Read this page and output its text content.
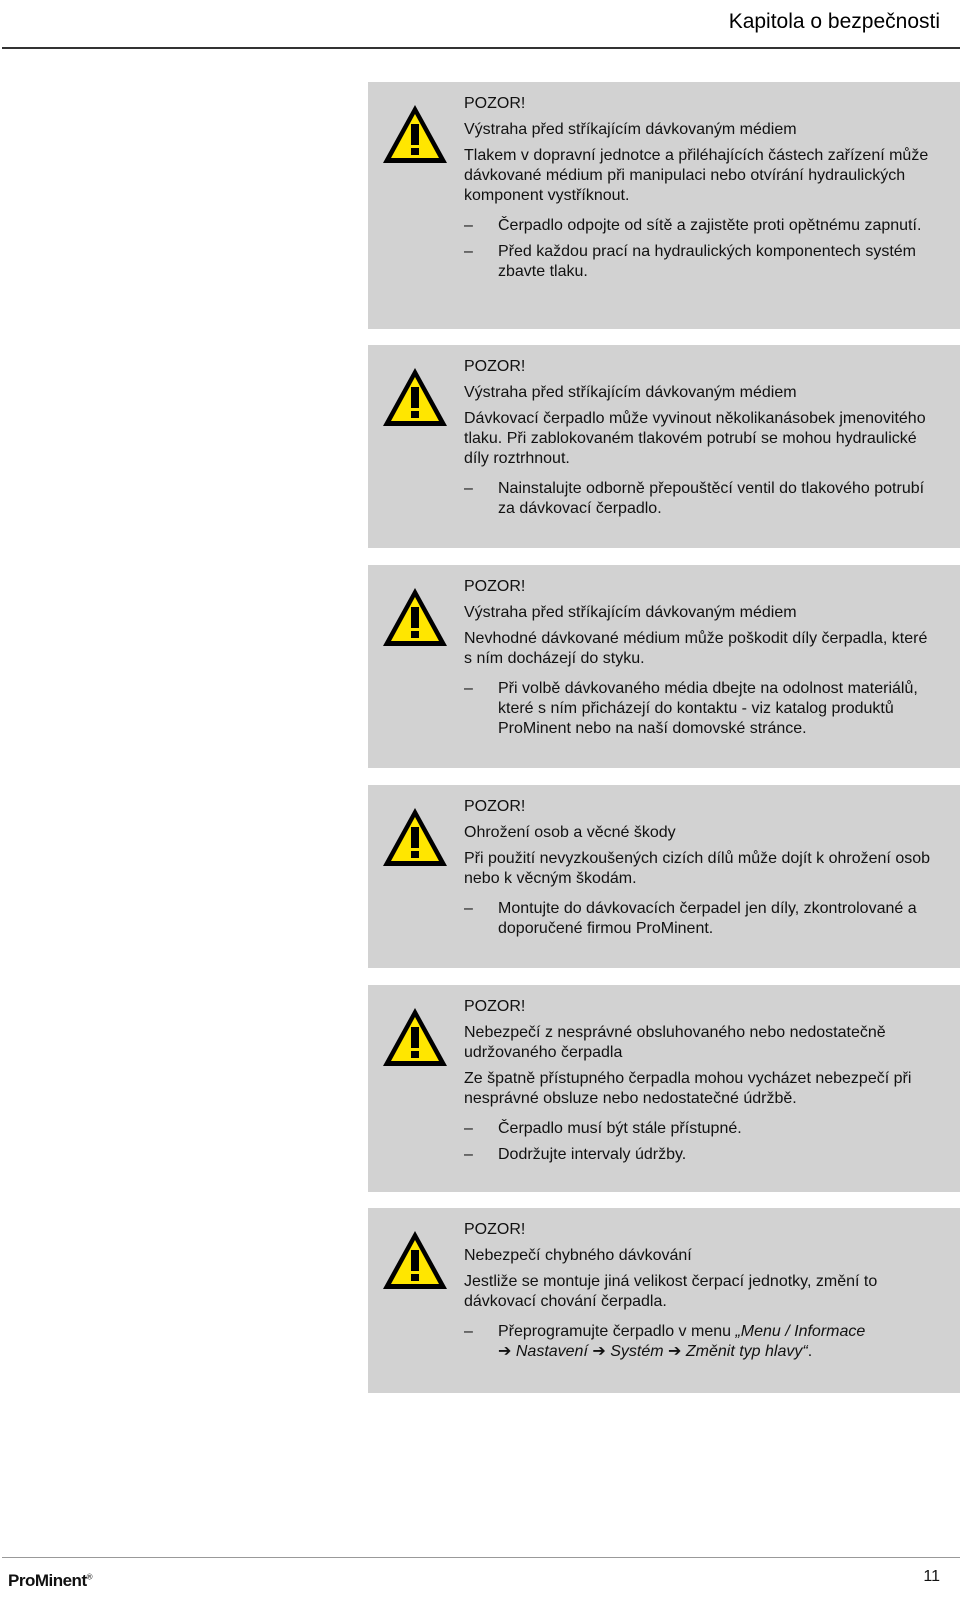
Kapitola o bezpečnosti
POZOR!
Výstraha před stříkajícím dávkovaným médiem
Tlakem v dopravní jednotce a přiléhajících částech zařízení může dávkované médium při manipulaci nebo otvírání hydraulických komponent vystříknout.
– Čerpadlo odpojte od sítě a zajistěte proti opětnému zapnutí.
– Před každou prací na hydraulických komponentech systém zbavte tlaku.
POZOR!
Výstraha před stříkajícím dávkovaným médiem
Dávkovací čerpadlo může vyvinout několikanásobek jmenovitého tlaku. Při zablokovaném tlakovém potrubí se mohou hydraulické díly roztrhnout.
– Nainstalujte odborně přepouštěcí ventil do tlakového potrubí za dávkovací čerpadlo.
POZOR!
Výstraha před stříkajícím dávkovaným médiem
Nevhodné dávkované médium může poškodit díly čerpadla, které s ním docházejí do styku.
– Při volbě dávkovaného média dbejte na odolnost materiálů, které s ním přicházejí do kontaktu - viz katalog produktů ProMinent nebo na naší domovské stránce.
POZOR!
Ohrožení osob a věcné škody
Při použití nevyzkoušených cizích dílů může dojít k ohrožení osob nebo k věcným škodám.
– Montujte do dávkovacích čerpadel jen díly, zkontrolované a doporučené firmou ProMinent.
POZOR!
Nebezpečí z nesprávné obsluhovaného nebo nedostatečně udržovaného čerpadla
Ze špatně přístupného čerpadla mohou vycházet nebezpečí při nesprávné obsluze nebo nedostatečné údržbě.
– Čerpadlo musí být stále přístupné.
– Dodržujte intervaly údržby.
POZOR!
Nebezpečí chybného dávkování
Jestliže se montuje jiná velikost čerpací jednotky, změní to dávkovací chování čerpadla.
– Přeprogramujte čerpadlo v menu „Menu / Informace
➔ Nastavení ➔ Systém ➔ Změnit typ hlavy“.
ProMinent®	11
